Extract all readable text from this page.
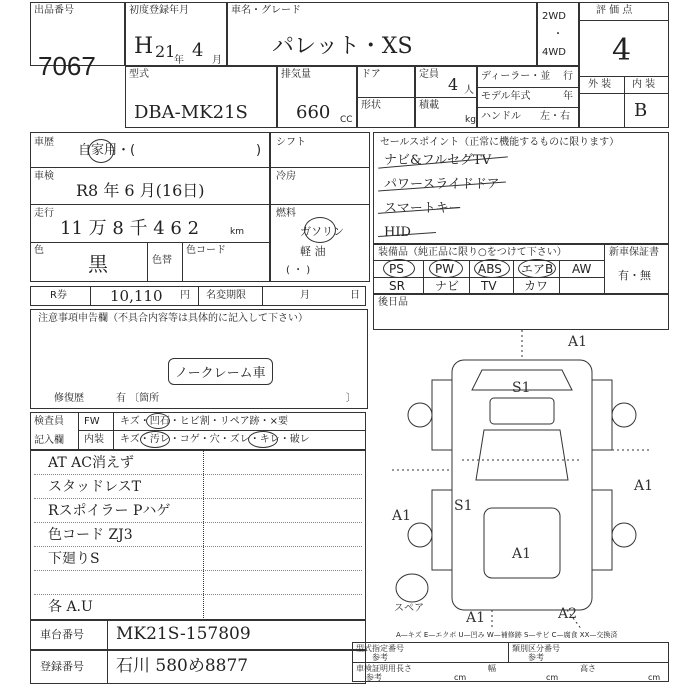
出品番号
7067
初度登録年月
H 21
年 4 月
車名・グレード
パレット・XS
2WD
・
4WD
評 価 点
4
外 装 内 装
B
型式
DBA-MK21S
排気量
660 CC
ドア
形状
定員
4 人
積載
kg
ディーラー・並 行
モデル年式	年
ハンドル 左・右
車歴
自家用・(	)
車検
R8 年 6 月(16日)
走行
11 万 8 千 4 6 2	km
色
黒	色替
色コード
シフト
冷房
燃料
ガソリン
軽 油
( ・ )
セールスポイント（正常に機能するものに限ります）
ナビ&フルセグTV
パワースライドドア
スマートキー
HID
装備品（純正品に限り○をつけて下さい）	新車保証書
有・無
PS	PW ABS エアB AW
SR	ナビ TV カワ
R券	10,110 円 名変期限	月	日
注意事項申告欄（不具合内容等は具体的に記入して下さい）
ノークレーム車
修復歴	有 〔箇所	〕
後日品
検査員
記入欄
FW キズ・凹石・ヒビ割・リペア跡・×要
内装 キズ・汚レ・コゲ・穴・ズレ・キレ・破レ
AT AC消えず
スタッドレスT
Rスポイラー Pハゲ
色コード ZJ3
下廻りS
各 A.U
A1
S1
A1
A1
S1
A1
A1	A2
スペア
車台番号 MK21S-157809
登録番号 石川 580め8877
A—キズ E—エクボ U—凹み W—補修跡 S—サビ C—腐食 XX—交換済
型式指定番号
参考
類別区分番号
参考
車検証明用
参考
長さ	幅	高さ
cm	cm	cm
